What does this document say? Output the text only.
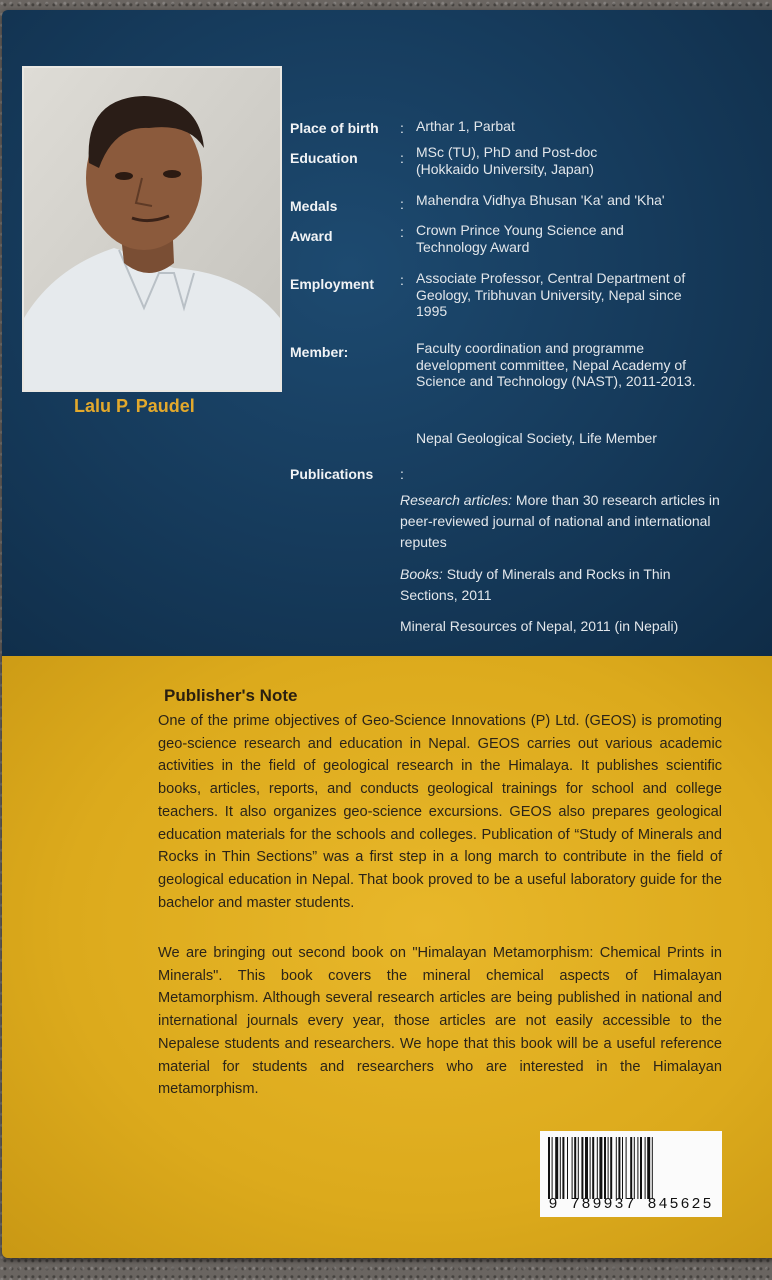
Lalu P. Paudel
Place of birth : Arthar 1, Parbat
Education	: MSc (TU), PhD and Post-doc (Hokkaido University, Japan)
Medals	: Mahendra Vidhya Bhusan 'Ka' and 'Kha'
Award	: Crown Prince Young Science and Technology Award
Employment : Associate Professor, Central Department of Geology, Tribhuvan University, Nepal since 1995
Member:	Faculty coordination and programme development committee, Nepal Academy of Science and Technology (NAST), 2011-2013.
Nepal Geological Society, Life Member
Publications :
Research articles: More than 30 research articles in peer-reviewed journal of national and international reputes
Books: Study of Minerals and Rocks in Thin Sections, 2011
Mineral Resources of Nepal, 2011 (in Nepali)
Publisher's Note
One of the prime objectives of Geo-Science Innovations (P) Ltd. (GEOS) is promoting geo-science research and education in Nepal. GEOS carries out various academic activities in the field of geological research in the Himalaya. It publishes scientific books, articles, reports, and conducts geological trainings for school and college teachers. It also organizes geo-science excursions. GEOS also prepares geological education materials for the schools and colleges. Publication of “Study of Minerals and Rocks in Thin Sections” was a first step in a long march to contribute in the field of geological education in Nepal. That book proved to be a useful laboratory guide for the bachelor and master students.
We are bringing out second book on "Himalayan Metamorphism: Chemical Prints in Minerals". This book covers the mineral chemical aspects of Himalayan Metamorphism. Although several research articles are being published in national and international journals every year, those articles are not easily accessible to the Nepalese students and researchers. We hope that this book will be a useful reference material for students and researchers who are interested in the Himalayan metamorphism.
9 789937 845625
